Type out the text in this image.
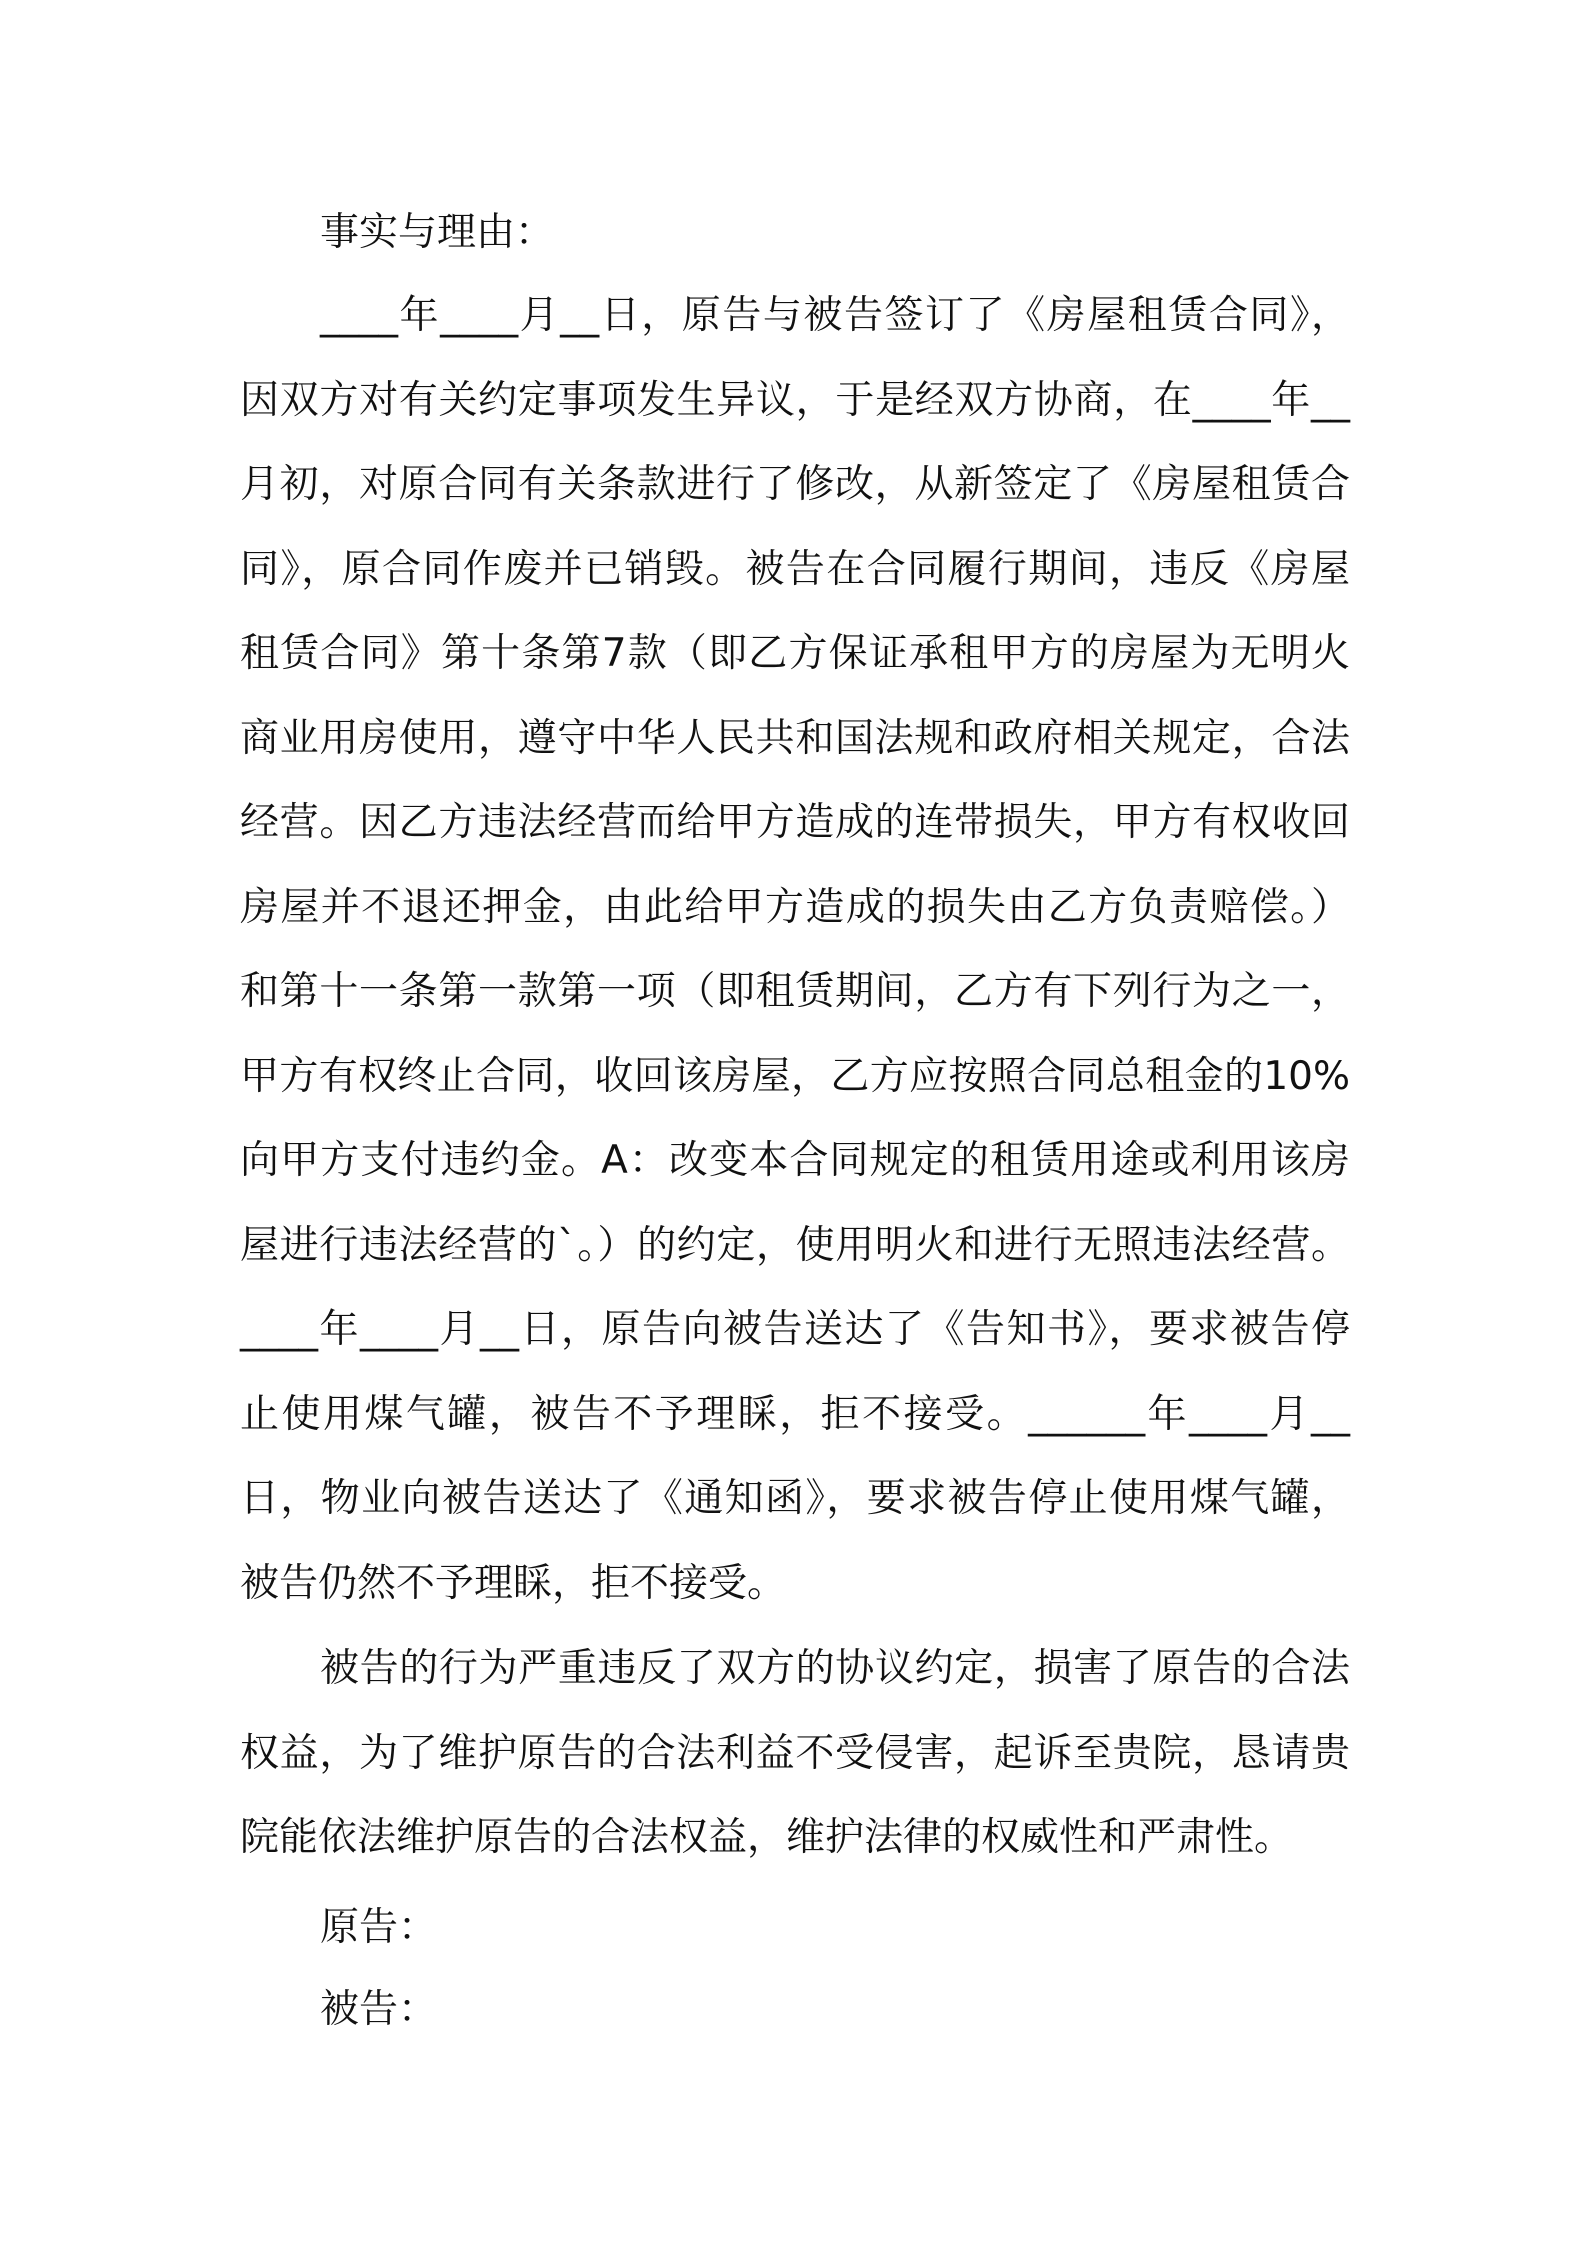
事实与理由：

____年____月__日，原告与被告签订了《房屋租赁合同》，因双方对有关约定事项发生异议，于是经双方协商，在____年__月初，对原合同有关条款进行了修改，从新签定了《房屋租赁合同》，原合同作废并已销毁。被告在合同履行期间，违反《房屋租赁合同》第十条第7款（即乙方保证承租甲方的房屋为无明火商业用房使用，遵守中华人民共和国法规和政府相关规定，合法经营。因乙方违法经营而给甲方造成的连带损失，甲方有权收回房屋并不退还押金，由此给甲方造成的损失由乙方负责赔偿。）和第十一条第一款第一项（即租赁期间，乙方有下列行为之一，甲方有权终止合同，收回该房屋，乙方应按照合同总租金的10%向甲方支付违约金。A：改变本合同规定的租赁用途或利用该房屋进行违法经营的`。）的约定，使用明火和进行无照违法经营。____年____月__日，原告向被告送达了《告知书》，要求被告停止使用煤气罐，被告不予理睬，拒不接受。______年____月__日，物业向被告送达了《通知函》，要求被告停止使用煤气罐，被告仍然不予理睬，拒不接受。

被告的行为严重违反了双方的协议约定，损害了原告的合法权益，为了维护原告的合法利益不受侵害，起诉至贵院，恳请贵院能依法维护原告的合法权益，维护法律的权威性和严肃性。

原告：

被告：
